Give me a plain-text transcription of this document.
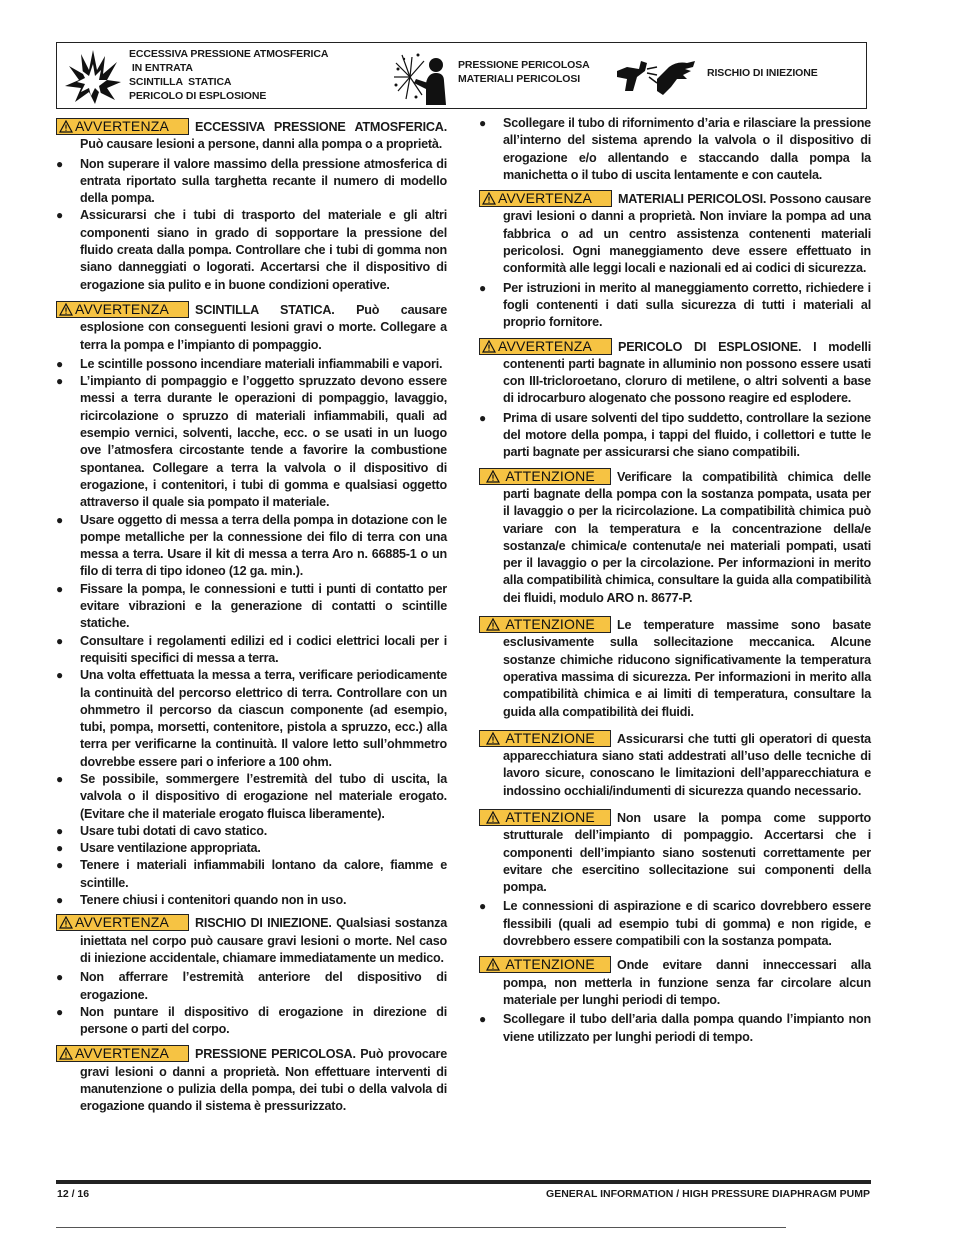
ECCESSIVA PRESSIONE ATMOSFERICA
IN ENTRATA
SCINTILLA  STATICA
PERICOLO DI ESPLOSIONE
PRESSIONE PERICOLOSA
MATERIALI PERICOLOSI	RISCHIO DI INIEZIONE
AVVERTENZA ECCESSIVA PRESSIONE ATMOSFERICA. Può causare lesioni a persone, danni alla pompa o a proprietà.
● Non superare il valore massimo della pressione atmosferica di entrata riportato sulla targhetta recante il numero di modello della pompa.
● Assicurarsi che i tubi di trasporto del materiale e gli altri componenti siano in grado di sopportare la pressione del fluido creata dalla pompa. Controllare che i tubi di gomma non siano danneggiati o logorati. Accertarsi che il dispositivo di erogazione sia pulito e in buone condizioni operative.
AVVERTENZA SCINTILLA STATICA. Può causare esplosione con conseguenti lesioni gravi o morte. Collegare a terra la pompa e l’impianto di pompaggio.
● Le scintille possono incendiare materiali infiammabili e vapori.
● L’impianto di pompaggio e l’oggetto spruzzato devono essere messi a terra durante le operazioni di pompaggio, lavaggio, ricircolazione o spruzzo di materiali infiammabili, quali ad esempio vernici, solventi, lacche, ecc. o se usati in un luogo ove l’atmosfera circostante tende a favorire la combustione spontanea. Collegare a terra la valvola o il dispositivo di erogazione, i contenitori, i tubi di gomma e qualsiasi oggetto attraverso il quale sia pompato il materiale.
● Usare oggetto di messa a terra della pompa in dotazione con le pompe metalliche per la connessione dei filo di terra con una messa a terra. Usare il kit di messa a terra Aro n. 66885-1 o un filo di terra di tipo idoneo (12 ga. min.).
● Fissare la pompa, le connessioni e tutti i punti di contatto per evitare vibrazioni e la generazione di contatti o scintille statiche.
● Consultare i regolamenti edilizi ed i codici elettrici locali per i requisiti specifici di messa a terra.
● Una volta effettuata la messa a terra, verificare periodicamente la continuità del percorso elettrico di terra. Controllare con un ohmmetro il percorso da ciascun componente (ad esempio, tubi, pompa, morsetti, contenitore, pistola a spruzzo, ecc.) alla terra per verificarne la continuità. Il valore letto sull’ohmmetro dovrebbe essere pari o inferiore a 100 ohm.
● Se possibile, sommergere l’estremità del tubo di uscita, la valvola o il dispositivo di erogazione nel materiale erogato. (Evitare che il materiale erogato fluisca liberamente).
● Usare tubi dotati di cavo statico.
● Usare ventilazione appropriata.
● Tenere i materiali infiammabili lontano da calore, fiamme e scintille.
● Tenere chiusi i contenitori quando non in uso.
AVVERTENZA RISCHIO DI INIEZIONE. Qualsiasi sostanza iniettata nel corpo può causare gravi lesioni o morte. Nel caso di iniezione accidentale, chiamare immediatamente un medico.
● Non afferrare l’estremità anteriore del dispositivo di erogazione.
● Non puntare il dispositivo di erogazione in direzione di persone o parti del corpo.
AVVERTENZA PRESSIONE PERICOLOSA. Può provocare gravi lesioni o danni a proprietà. Non effettuare interventi di manutenzione o pulizia della pompa, dei tubi o della valvola di erogazione quando il sistema è pressurizzato.
● Scollegare il tubo di rifornimento d’aria e rilasciare la pressione all’interno del sistema aprendo la valvola o il dispositivo di erogazione e/o allentando e staccando dalla pompa la manichetta o il tubo di uscita lentamente e con cautela.
AVVERTENZA MATERIALI PERICOLOSI. Possono causare gravi lesioni o danni a proprietà. Non inviare la pompa ad una fabbrica o ad un centro assistenza contenenti materiali pericolosi. Ogni maneggiamento deve essere effettuato in conformità alle leggi locali e nazionali ed ai codici di sicurezza.
● Per istruzioni in merito al maneggiamento corretto, richiedere i fogli contenenti i dati sulla sicurezza di tutti i materiali al proprio fornitore.
AVVERTENZA PERICOLO DI ESPLOSIONE. I modelli contenenti parti bagnate in alluminio non possono essere usati con III-tricloroetano, cloruro di metilene, o altri solventi a base di idrocarburo alogenato che possono reagire ed esplodere.
● Prima di usare solventi del tipo suddetto, controllare la sezione del motore della pompa, i tappi del fluido, i collettori e tutte le parti bagnate per assicurarsi che siano compatibili.
ATTENZIONE Verificare la compatibilità chimica delle parti bagnate della pompa con la sostanza pompata, usata per il lavaggio o per la ricircolazione. La compatibilità chimica può variare con la temperatura e la concentrazione della/e sostanza/e chimica/e contenuta/e nei materiali pompati, usati per il lavaggio o per la circolazione. Per informazioni in merito alla compatibilità chimica, consultare la guida alla compatibilità dei fluidi, modulo ARO n. 8677-P.
ATTENZIONE Le temperature massime sono basate esclusivamente sulla sollecitazione meccanica. Alcune sostanze chimiche riducono significativamente la temperatura operativa massima di sicurezza. Per informazioni in merito alla compatibilità chimica e ai limiti di temperatura, consultare la guida alla compatibilità dei fluidi.
ATTENZIONE Assicurarsi che tutti gli operatori di questa apparecchiatura siano stati addestrati all’uso delle tecniche di lavoro sicure, conoscano le limitazioni dell’apparecchiatura e indossino occhiali/indumenti di sicurezza quando necessario.
ATTENZIONE Non usare la pompa come supporto strutturale dell’impianto di pompaggio. Accertarsi che i componenti dell’impianto siano sostenuti correttamente per evitare che esercitino sollecitazione sui componenti della pompa.
● Le connessioni di aspirazione e di scarico dovrebbero essere flessibili (quali ad esempio tubi di gomma) e non rigide, e dovrebbero essere compatibili con la sostanza pompata.
ATTENZIONE Onde evitare danni inneccessari alla pompa, non metterla in funzione senza far circolare alcun materiale per lunghi periodi di tempo.
● Scollegare il tubo dell’aria dalla pompa quando l’impianto non viene utilizzato per lunghi periodi di tempo.
12 / 16	GENERAL INFORMATION / HIGH PRESSURE DIAPHRAGM PUMP
